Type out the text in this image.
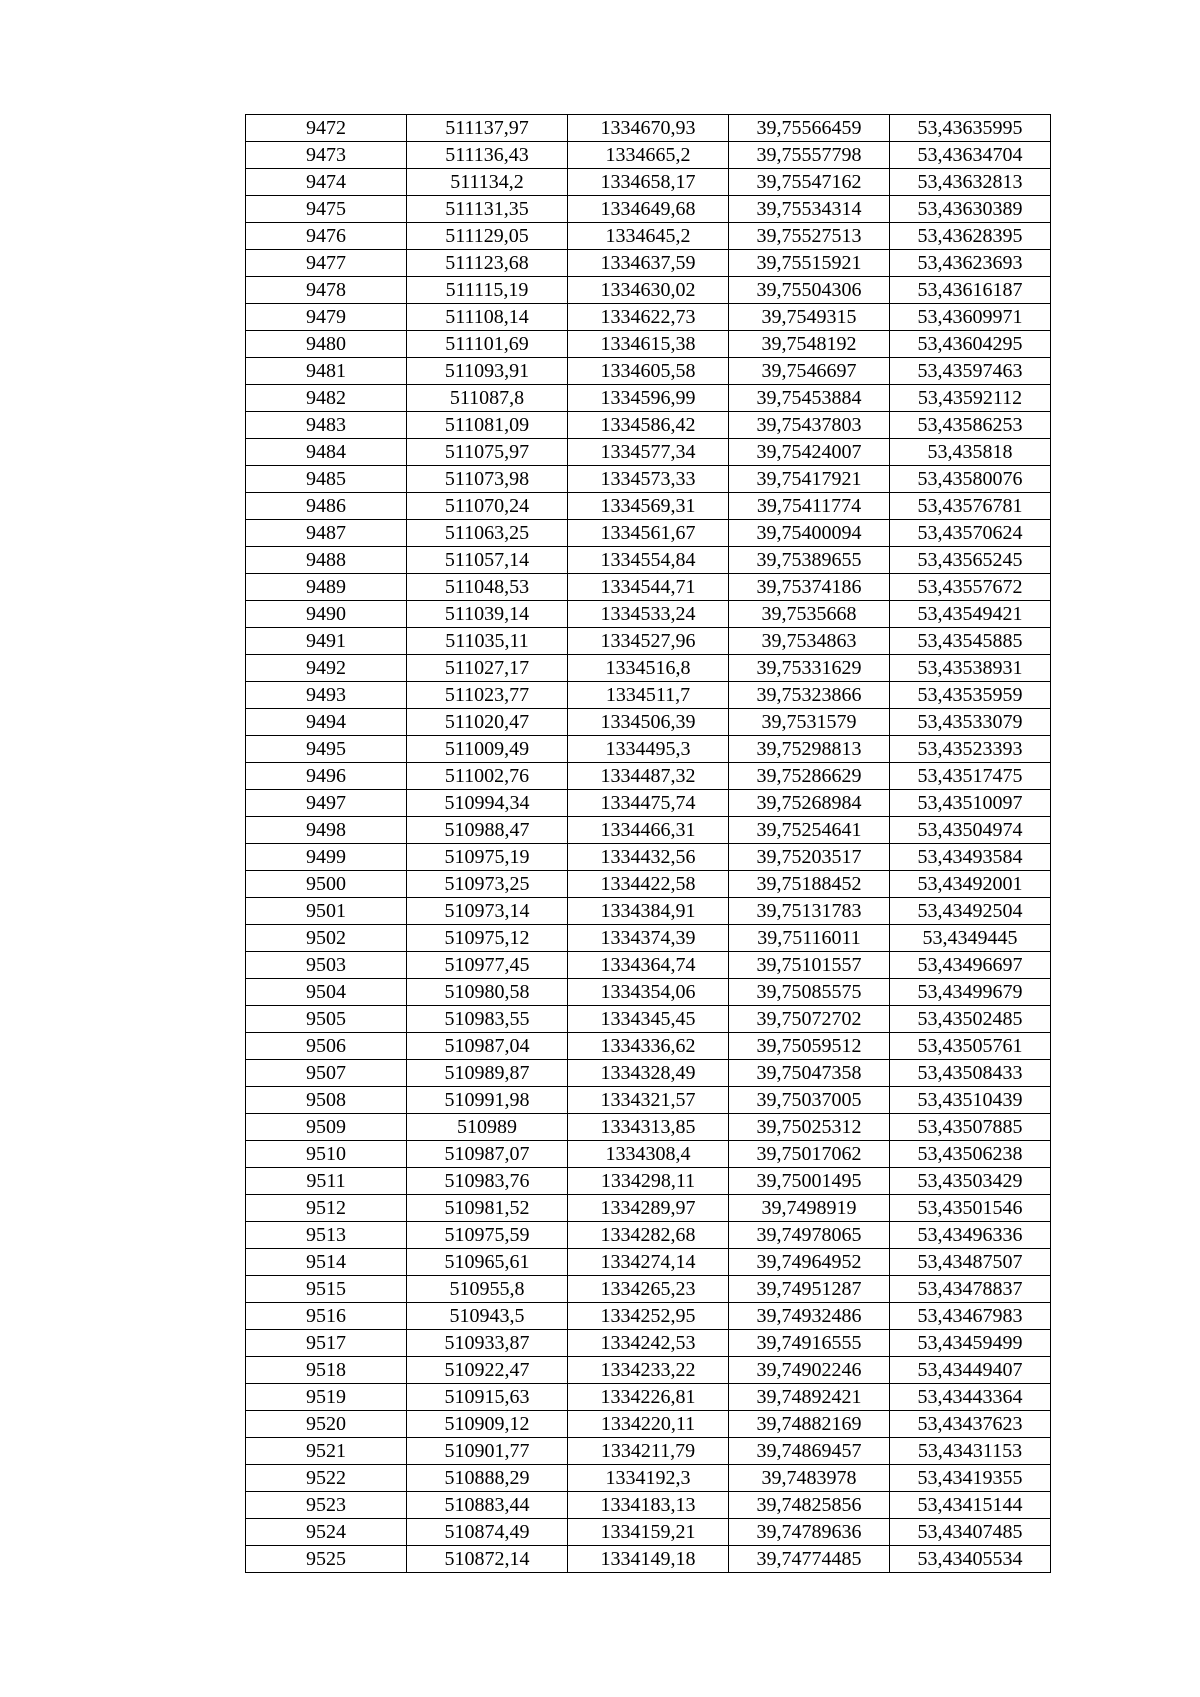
9472	511137,97	1334670,93	39,75566459	53,43635995
9473	511136,43	1334665,2	39,75557798	53,43634704
9474	511134,2	1334658,17	39,75547162	53,43632813
9475	511131,35	1334649,68	39,75534314	53,43630389
9476	511129,05	1334645,2	39,75527513	53,43628395
9477	511123,68	1334637,59	39,75515921	53,43623693
9478	511115,19	1334630,02	39,75504306	53,43616187
9479	511108,14	1334622,73	39,7549315	53,43609971
9480	511101,69	1334615,38	39,7548192	53,43604295
9481	511093,91	1334605,58	39,7546697	53,43597463
9482	511087,8	1334596,99	39,75453884	53,43592112
9483	511081,09	1334586,42	39,75437803	53,43586253
9484	511075,97	1334577,34	39,75424007	53,435818
9485	511073,98	1334573,33	39,75417921	53,43580076
9486	511070,24	1334569,31	39,75411774	53,43576781
9487	511063,25	1334561,67	39,75400094	53,43570624
9488	511057,14	1334554,84	39,75389655	53,43565245
9489	511048,53	1334544,71	39,75374186	53,43557672
9490	511039,14	1334533,24	39,7535668	53,43549421
9491	511035,11	1334527,96	39,7534863	53,43545885
9492	511027,17	1334516,8	39,75331629	53,43538931
9493	511023,77	1334511,7	39,75323866	53,43535959
9494	511020,47	1334506,39	39,7531579	53,43533079
9495	511009,49	1334495,3	39,75298813	53,43523393
9496	511002,76	1334487,32	39,75286629	53,43517475
9497	510994,34	1334475,74	39,75268984	53,43510097
9498	510988,47	1334466,31	39,75254641	53,43504974
9499	510975,19	1334432,56	39,75203517	53,43493584
9500	510973,25	1334422,58	39,75188452	53,43492001
9501	510973,14	1334384,91	39,75131783	53,43492504
9502	510975,12	1334374,39	39,75116011	53,4349445
9503	510977,45	1334364,74	39,75101557	53,43496697
9504	510980,58	1334354,06	39,75085575	53,43499679
9505	510983,55	1334345,45	39,75072702	53,43502485
9506	510987,04	1334336,62	39,75059512	53,43505761
9507	510989,87	1334328,49	39,75047358	53,43508433
9508	510991,98	1334321,57	39,75037005	53,43510439
9509	510989	1334313,85	39,75025312	53,43507885
9510	510987,07	1334308,4	39,75017062	53,43506238
9511	510983,76	1334298,11	39,75001495	53,43503429
9512	510981,52	1334289,97	39,7498919	53,43501546
9513	510975,59	1334282,68	39,74978065	53,43496336
9514	510965,61	1334274,14	39,74964952	53,43487507
9515	510955,8	1334265,23	39,74951287	53,43478837
9516	510943,5	1334252,95	39,74932486	53,43467983
9517	510933,87	1334242,53	39,74916555	53,43459499
9518	510922,47	1334233,22	39,74902246	53,43449407
9519	510915,63	1334226,81	39,74892421	53,43443364
9520	510909,12	1334220,11	39,74882169	53,43437623
9521	510901,77	1334211,79	39,74869457	53,43431153
9522	510888,29	1334192,3	39,7483978	53,43419355
9523	510883,44	1334183,13	39,74825856	53,43415144
9524	510874,49	1334159,21	39,74789636	53,43407485
9525	510872,14	1334149,18	39,74774485	53,43405534
